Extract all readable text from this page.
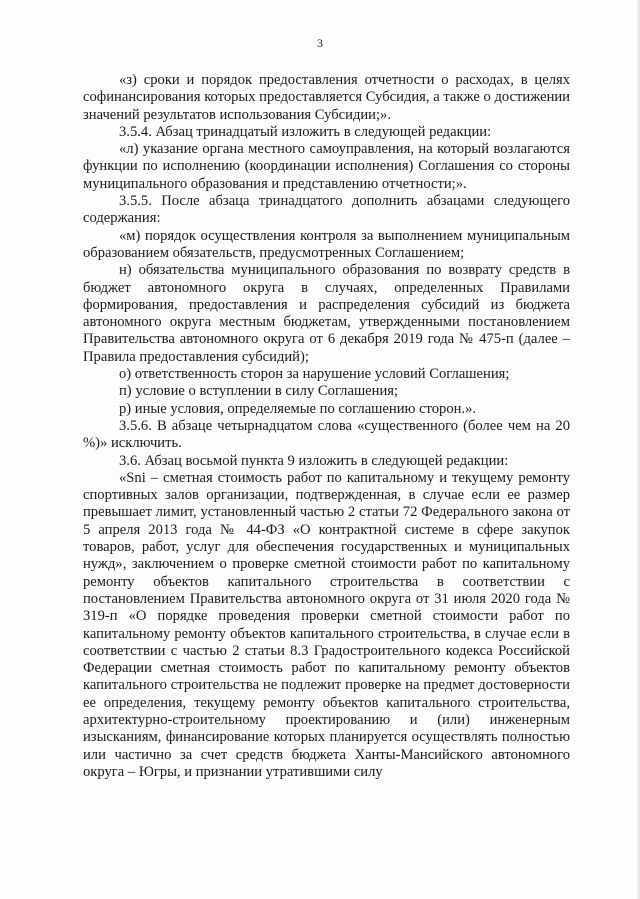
3

«з) сроки и порядок предоставления отчетности о расходах, в целях софинансирования которых предоставляется Субсидия, а также о достижении значений результатов использования Субсидии;».

3.5.4. Абзац тринадцатый изложить в следующей редакции:

«л) указание органа местного самоуправления, на который возлагаются функции по исполнению (координации исполнения) Соглашения со стороны муниципального образования и представлению отчетности;».

3.5.5. После абзаца тринадцатого дополнить абзацами следующего содержания:

«м) порядок осуществления контроля за выполнением муниципальным образованием обязательств, предусмотренных Соглашением;

н) обязательства муниципального образования по возврату средств в бюджет автономного округа в случаях, определенных Правилами формирования, предоставления и распределения субсидий из бюджета автономного округа местным бюджетам, утвержденными постановлением Правительства автономного округа от 6 декабря 2019 года № 475-п (далее – Правила предоставления субсидий);

о) ответственность сторон за нарушение условий Соглашения;

п) условие о вступлении в силу Соглашения;

р) иные условия, определяемые по соглашению сторон.».

3.5.6. В абзаце четырнадцатом слова «существенного (более чем на 20 %)» исключить.

3.6. Абзац восьмой пункта 9 изложить в следующей редакции:

«Sni – сметная стоимость работ по капитальному и текущему ремонту спортивных залов организации, подтвержденная, в случае если ее размер превышает лимит, установленный частью 2 статьи 72 Федерального закона от 5 апреля 2013 года № 44-ФЗ «О контрактной системе в сфере закупок товаров, работ, услуг для обеспечения государственных и муниципальных нужд», заключением о проверке сметной стоимости работ по капитальному ремонту объектов капитального строительства в соответствии с постановлением Правительства автономного округа от 31 июля 2020 года № 319-п «О порядке проведения проверки сметной стоимости работ по капитальному ремонту объектов капитального строительства, в случае если в соответствии с частью 2 статьи 8.3 Градостроительного кодекса Российской Федерации сметная стоимость работ по капитальному ремонту объектов капитального строительства не подлежит проверке на предмет достоверности ее определения, текущему ремонту объектов капитального строительства, архитектурно-строительному проектированию и (или) инженерным изысканиям, финансирование которых планируется осуществлять полностью или частично за счет средств бюджета Ханты-Мансийского автономного округа – Югры, и признании утратившими силу
